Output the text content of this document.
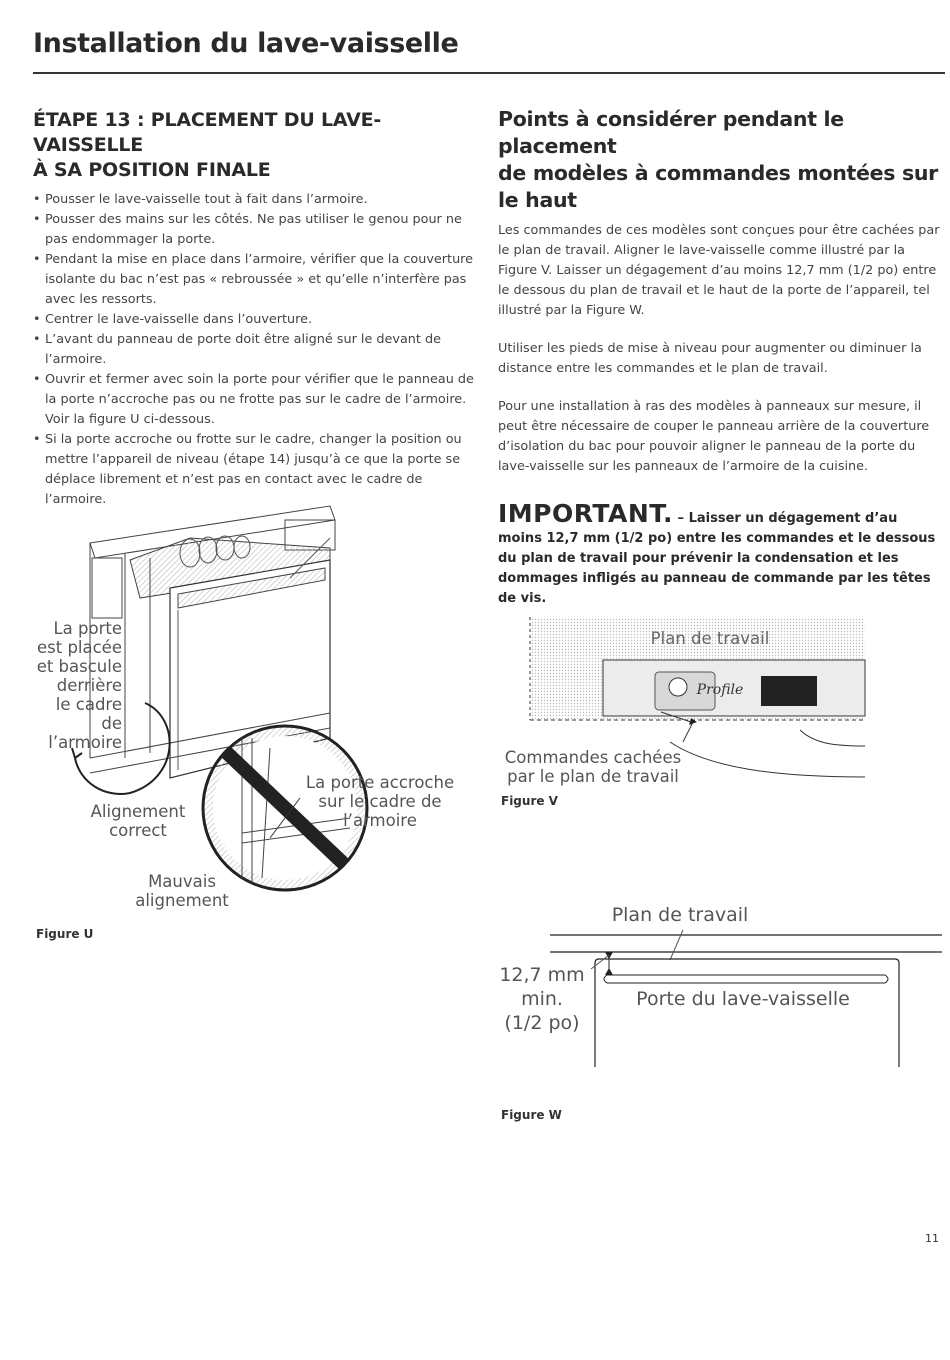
Installation du lave-vaisselle
ÉTAPE 13 : PLACEMENT DU LAVE-VAISSELLE
À SA POSITION FINALE
• Pousser le lave-vaisselle tout à fait dans l’armoire.
• Pousser des mains sur les côtés. Ne pas utiliser le genou pour ne pas endommager la porte.
• Pendant la mise en place dans l’armoire, vérifier que la couverture isolante du bac n’est pas « rebroussée » et qu’elle n’interfère pas avec les ressorts.
• Centrer le lave-vaisselle dans l’ouverture.
• L’avant du panneau de porte doit être aligné sur le devant de l’armoire.
• Ouvrir et fermer avec soin la porte pour vérifier que le panneau de la porte n’accroche pas ou ne frotte pas sur le cadre de l’armoire. Voir la figure U ci-dessous.
• Si la porte accroche ou frotte sur le cadre, changer la position ou mettre l’appareil de niveau (étape 14) jusqu’à ce que la porte se déplace librement et n’est pas en contact avec le cadre de l’armoire.
Points à considérer pendant le placement
de modèles à commandes montées sur
le haut

Les commandes de ces modèles sont conçues pour être cachées par le plan de travail. Aligner le lave-vaisselle comme illustré par la Figure V. Laisser un dégagement d’au moins 12,7 mm (1/2 po) entre le dessous du plan de travail et le haut de la porte de l’appareil, tel illustré par la Figure W.

Utiliser les pieds de mise à niveau pour augmenter ou diminuer la distance entre les commandes et le plan de travail.

Pour une installation à ras des modèles à panneaux sur mesure, il peut être nécessaire de couper le panneau arrière de la couverture d’isolation du bac pour pouvoir aligner le panneau de la porte du lave-vaisselle sur les panneaux de l’armoire de la cuisine.

IMPORTANT. – Laisser un dégagement d’au moins 12,7 mm (1/2 po) entre les commandes et le dessous du plan de travail pour prévenir la condensation et les dommages infligés au panneau de commande par les têtes de vis.

La porte
est placée
et bascule
derrière
le cadre
de l’armoire

Alignement
correct

La porte accroche
sur le cadre de l’armoire

Mauvais
alignement

Figure U

Plan de travail

Profile

Commandes cachées
par le plan de travail

Figure V

Plan de travail

12,7 mm
min.
(1/2 po)

Porte du lave-vaisselle

Figure W

11
